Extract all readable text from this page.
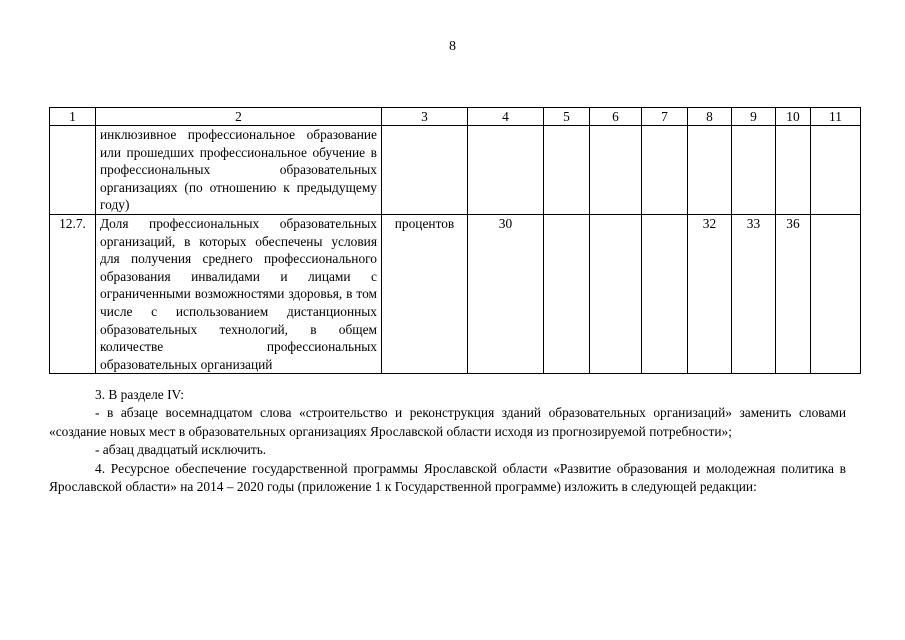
8
1	2	3	4	5	6	7	8	9	10	11
	инклюзивное профессиональное образование или прошедших профессиональное обучение в профессиональных образовательных организациях (по отношению к предыдущему году)									
12.7.	Доля профессиональных образовательных организаций, в которых обеспечены условия для получения среднего профессионального образования инвалидами и лицами с ограниченными возможностями здоровья, в том числе с использованием дистанционных образовательных технологий, в общем количестве профессиональных образовательных организаций	процентов	30				32	33	36	

3. В разделе IV:

- в абзаце восемнадцатом слова «строительство и реконструкция зданий образовательных организаций» заменить словами «создание новых мест в образовательных организациях Ярославской области исходя из прогнозируемой потребности»;

- абзац двадцатый исключить.

4. Ресурсное обеспечение государственной программы Ярославской области «Развитие образования и молодежная политика в Ярославской области» на 2014 – 2020 годы (приложение 1 к Государственной программе) изложить в следующей редакции:
